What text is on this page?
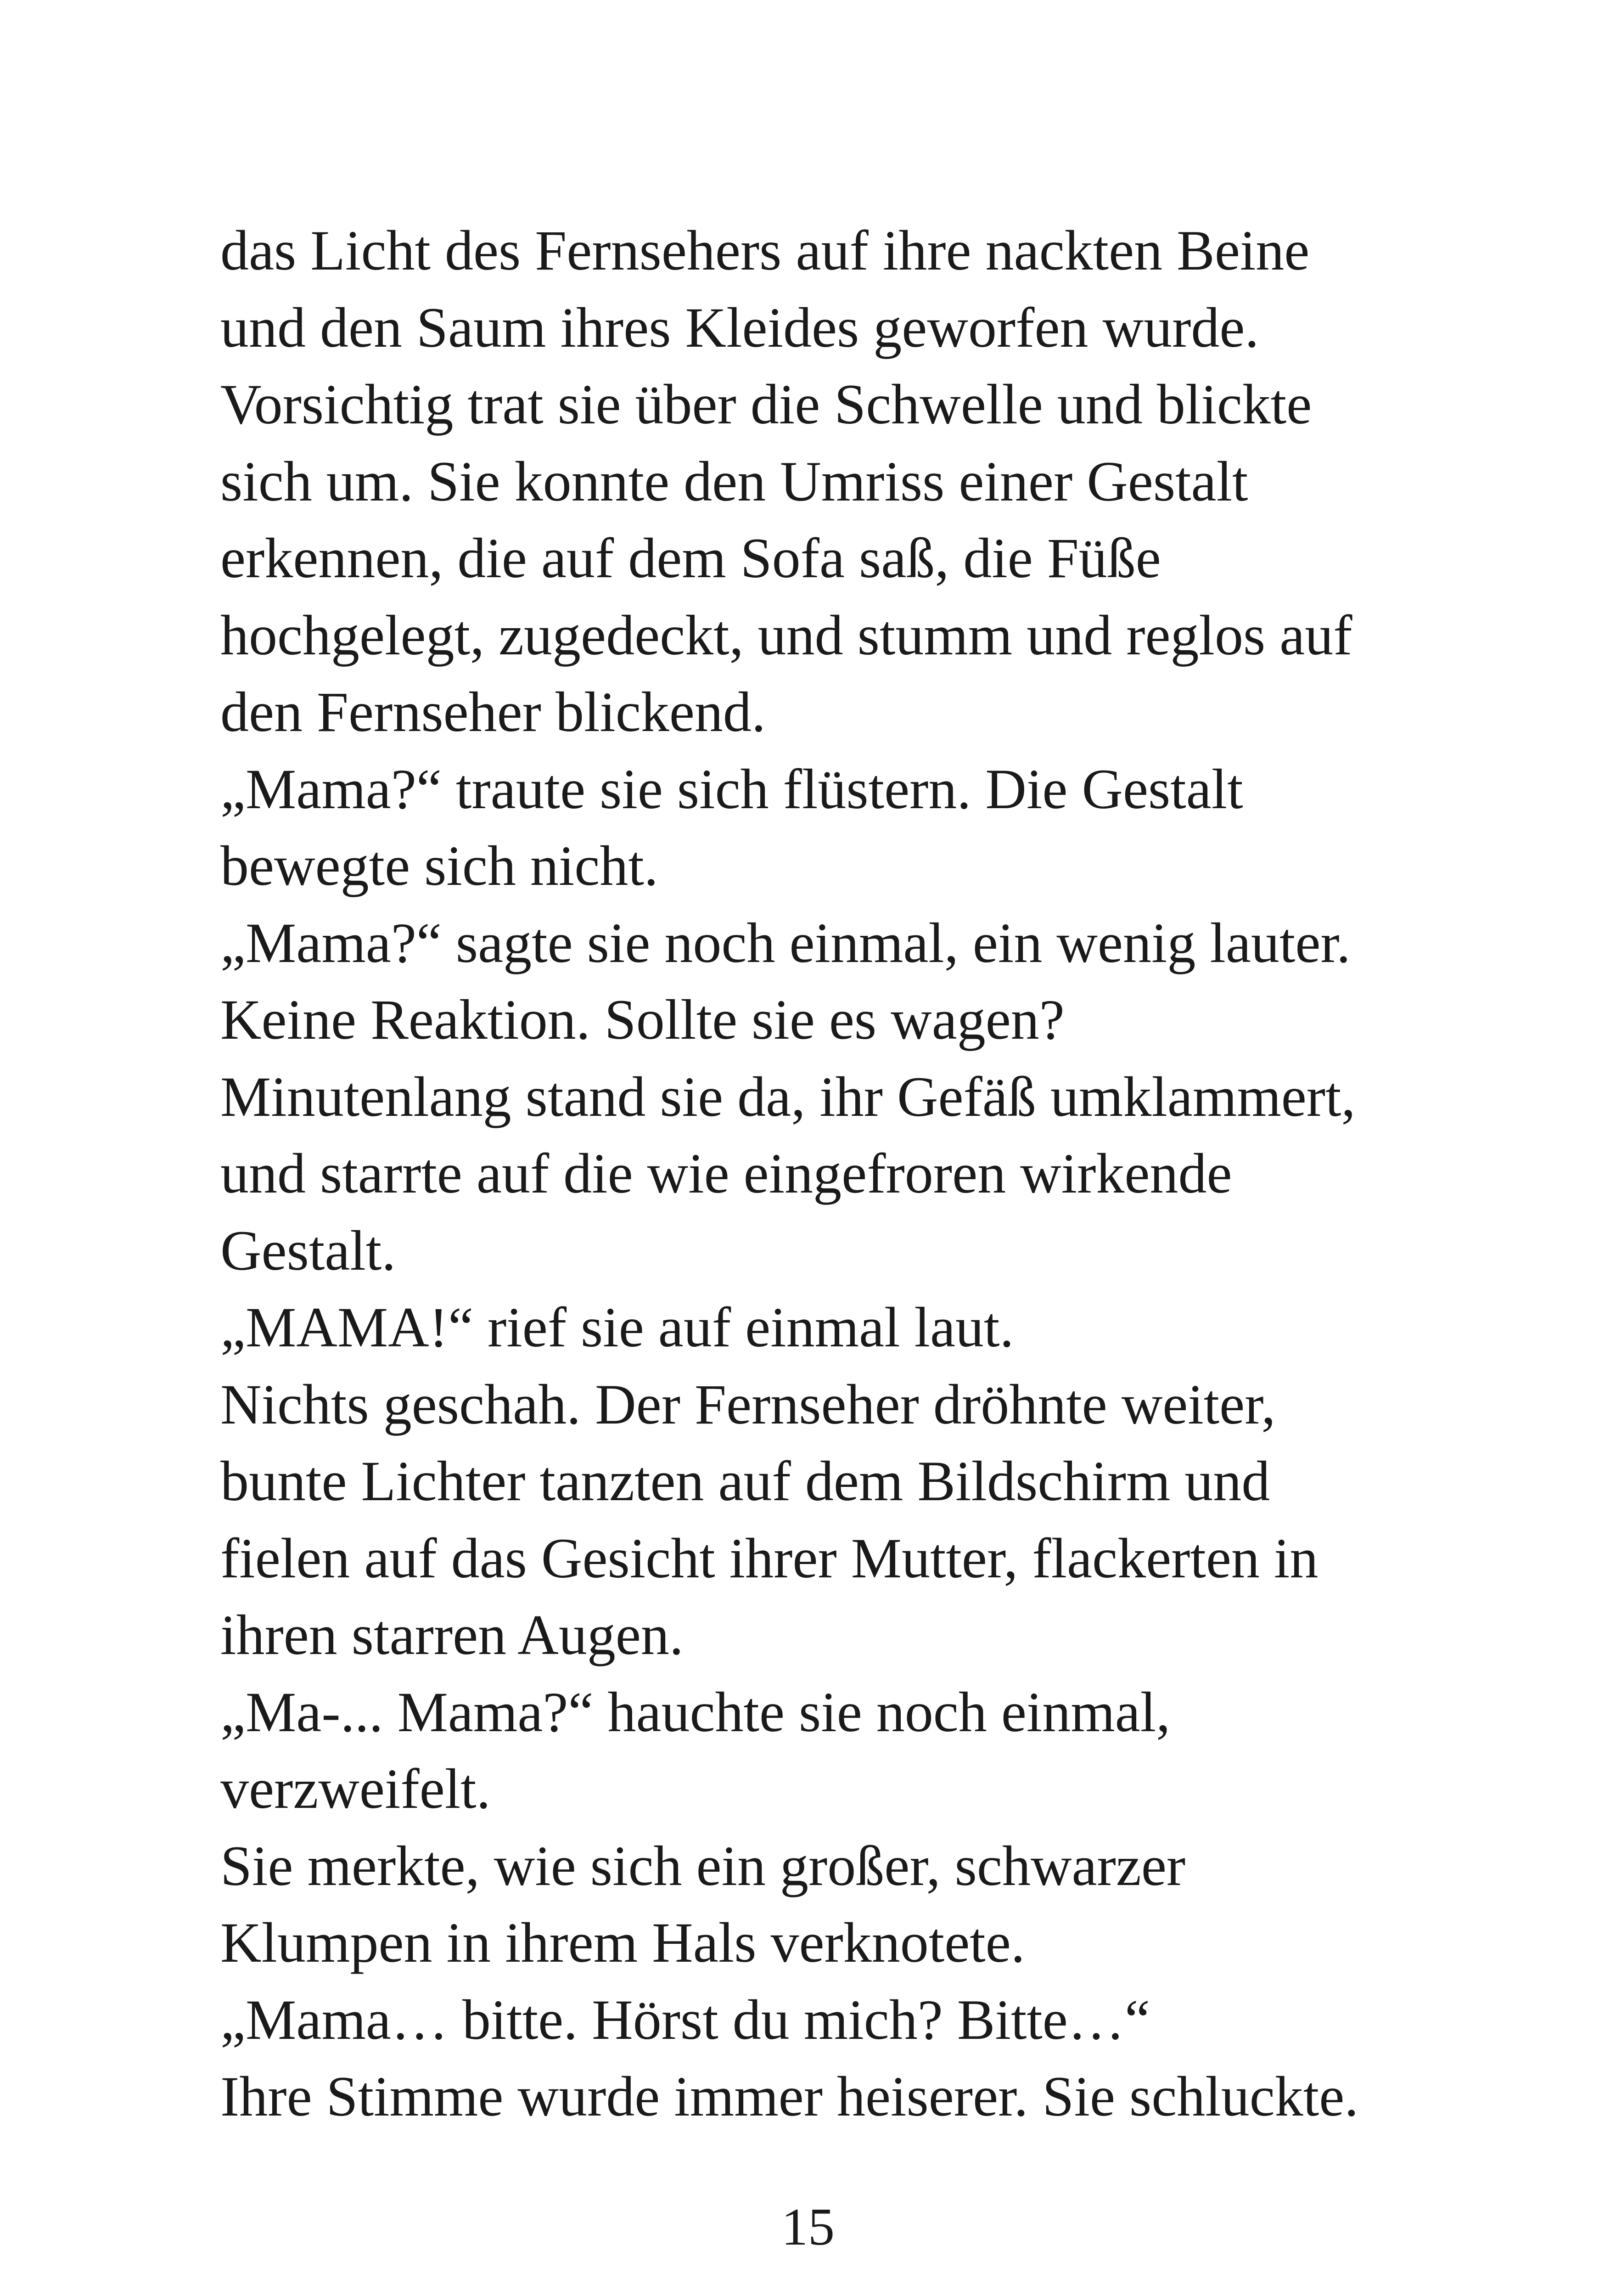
das Licht des Fernsehers auf ihre nackten Beine
und den Saum ihres Kleides geworfen wurde.
Vorsichtig trat sie über die Schwelle und blickte
sich um. Sie konnte den Umriss einer Gestalt
erkennen, die auf dem Sofa saß, die Füße
hochgelegt, zugedeckt, und stumm und reglos auf
den Fernseher blickend.
„Mama?“ traute sie sich flüstern. Die Gestalt
bewegte sich nicht.
„Mama?“ sagte sie noch einmal, ein wenig lauter.
Keine Reaktion. Sollte sie es wagen?
Minutenlang stand sie da, ihr Gefäß umklammert,
und starrte auf die wie eingefroren wirkende
Gestalt.
„MAMA!“ rief sie auf einmal laut.
Nichts geschah. Der Fernseher dröhnte weiter,
bunte Lichter tanzten auf dem Bildschirm und
fielen auf das Gesicht ihrer Mutter, flackerten in
ihren starren Augen.
„Ma-... Mama?“ hauchte sie noch einmal,
verzweifelt.
Sie merkte, wie sich ein großer, schwarzer
Klumpen in ihrem Hals verknotete.
„Mama… bitte. Hörst du mich? Bitte…“
Ihre Stimme wurde immer heiserer. Sie schluckte.
15
